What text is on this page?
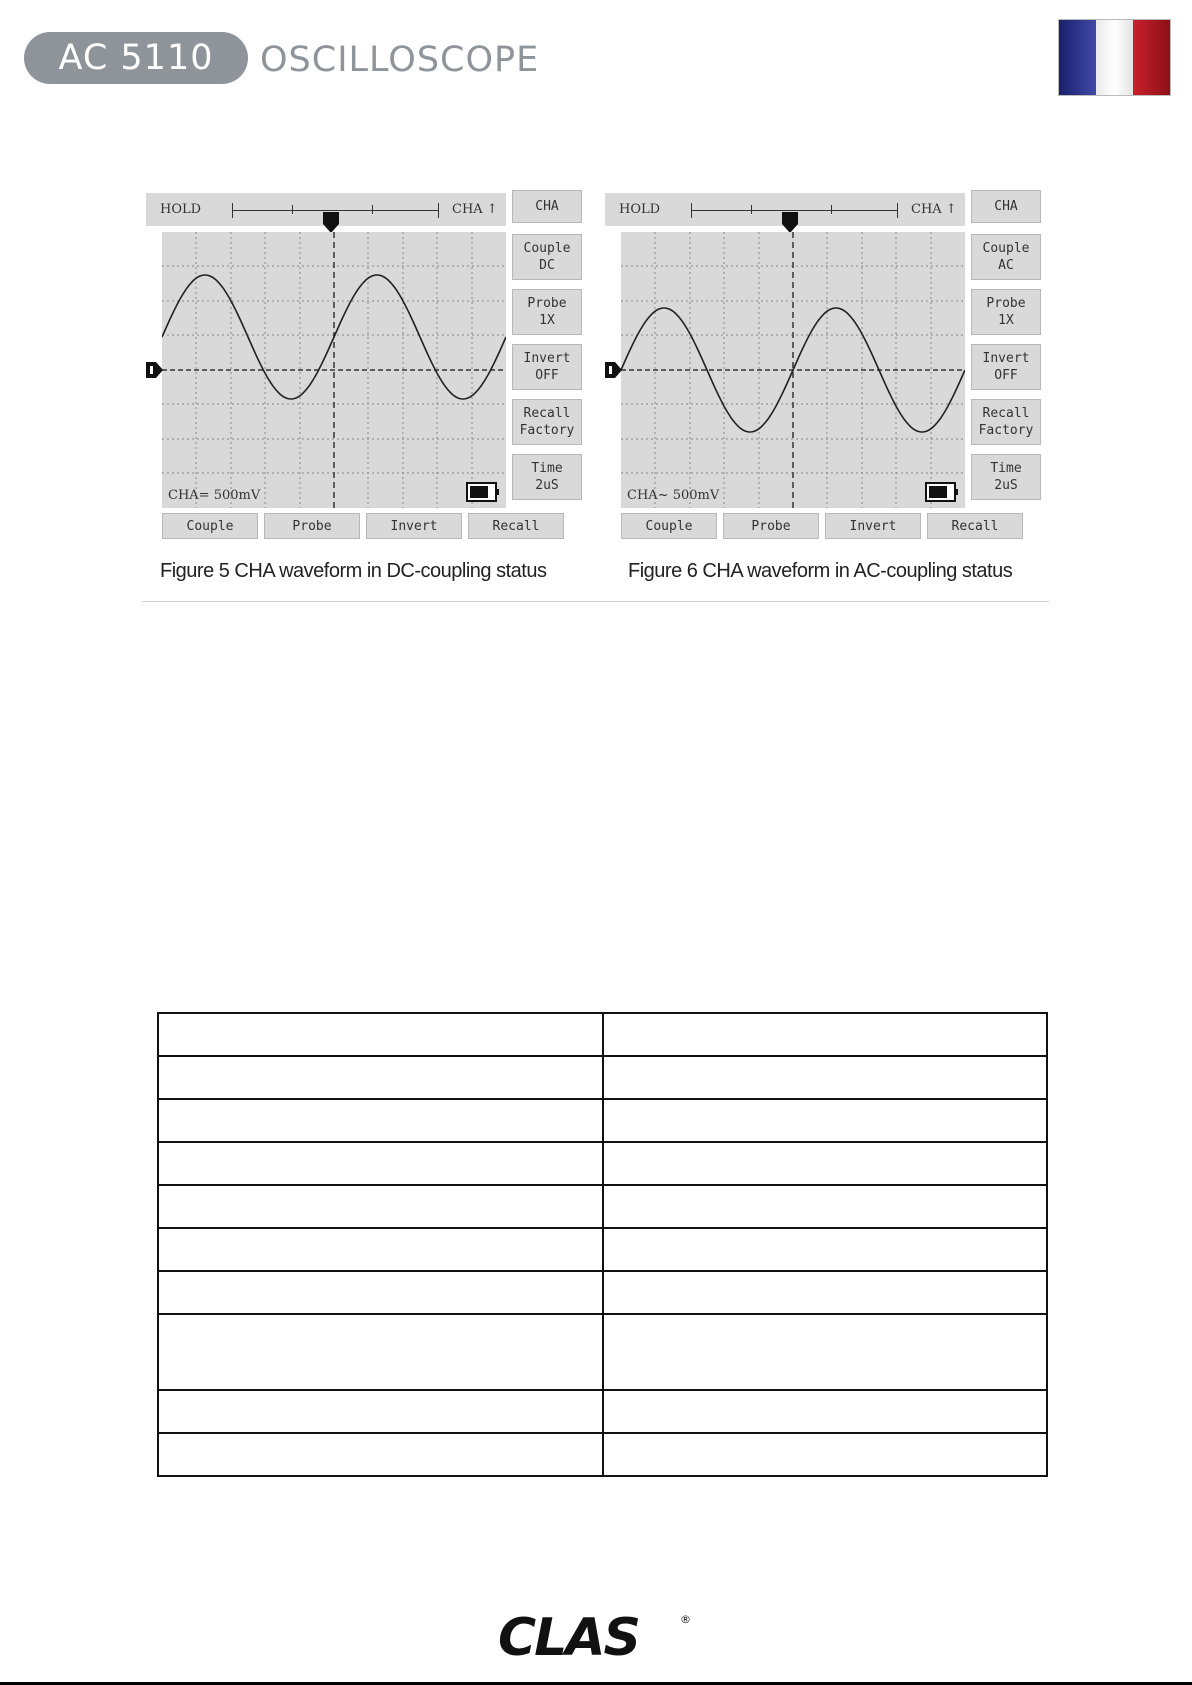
AC 5110 OSCILLOSCOPE
HOLD	CHA ↑
CHA= 500mV
CHA
Couple
DC
Probe
1X
Invert
OFF
Recall
Factory
Time
2uS
Couple	Probe	Invert	Recall
HOLD	CHA ↑
CHA~ 500mV
CHA
Couple
AC
Probe
1X
Invert
OFF
Recall
Factory
Time
2uS
Couple	Probe	Invert	Recall
Figure 5 CHA waveform in DC-coupling status	Figure 6 CHA waveform in AC-coupling status

CLAS	®
